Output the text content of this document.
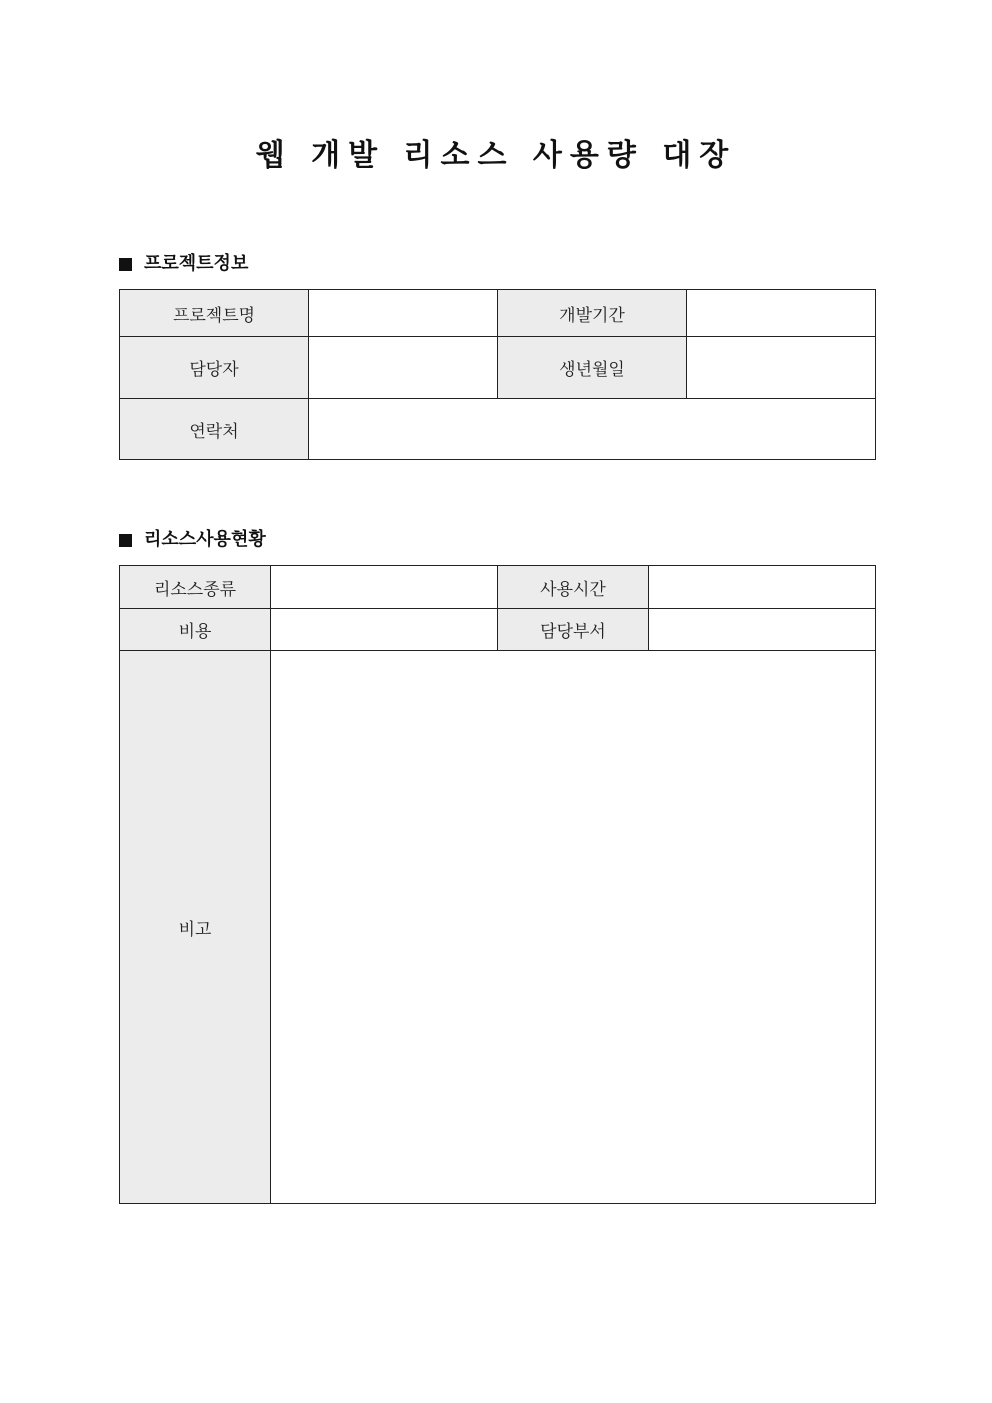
웹 개발 리소스 사용량 대장
프로젝트정보
프로젝트명		개발기간	
담당자		생년월일	
연락처			
리소스사용현황
리소스종류		사용시간	
비용		담당부서	
비고			
